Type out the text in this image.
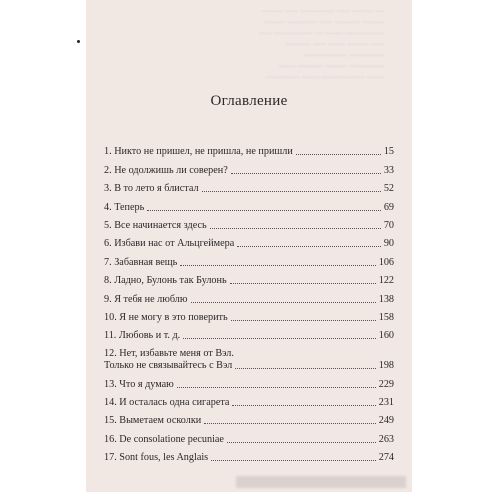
~~~~~ ~~~ ~~~~~~~~ ~~~ ~~~~~ ~~
~~~~~ ~~~~~~~ ~~~ ~~~~~~ ~~~~~
~~~ ~~~~~~~~~ ~~ ~~~~ ~~~~~~~~~
~~~~~~ ~~~ ~~~~ ~~~~~ ~~~
~~~~~~~~~~ ~~~~~~~~
~~~~ ~~~~~~ ~~~~~ ~~~~~~~~
~~~~~~~~ ~~~~ ~~~~~~~~~~ ~~~~
Оглавление
1. Никто не пришел, не пришла, не пришли	15
2. Не одолжишь ли соверен?	33
3. В то лето я блистал	52
4. Теперь	69
5. Все начинается здесь	70
6. Избави нас от Альцгеймера	90
7. Забавная вещь	106
8. Ладно, Булонь так Булонь	122
9. Я тебя не люблю	138
10. Я не могу в это поверить	158
11. Любовь и т. д.	160
12. Нет, избавьте меня от Вэл.
Только не связывайтесь с Вэл	198
13. Что я думаю	229
14. И осталась одна сигарета	231
15. Выметаем осколки	249
16. De consolatione pecuniae	263
17. Sont fous, les Anglais	274
